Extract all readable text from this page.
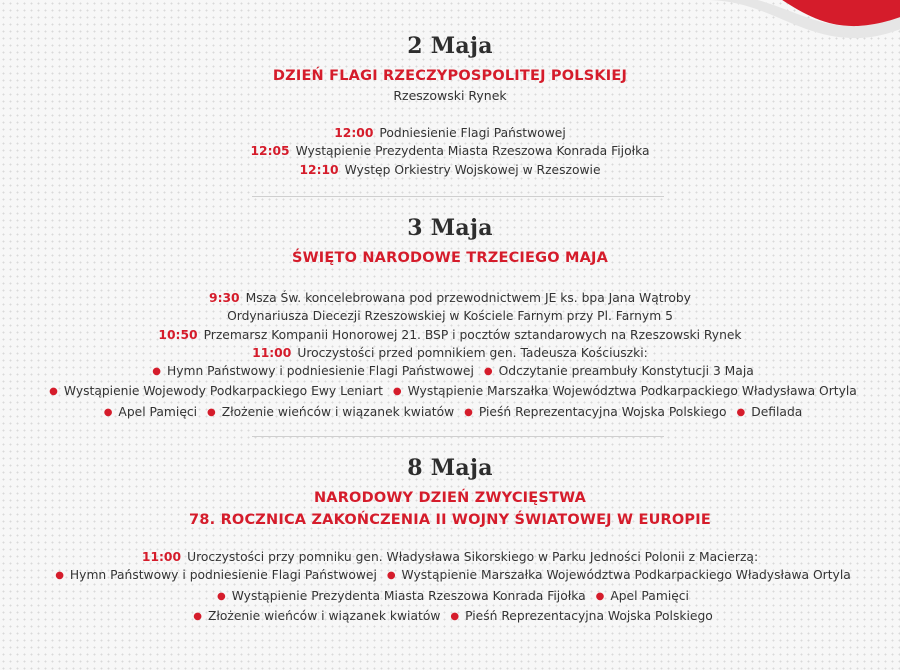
2 Maja
DZIEŃ FLAGI RZECZYPOSPOLITEJ POLSKIEJ
Rzeszowski Rynek
12:00 Podniesienie Flagi Państwowej
12:05 Wystąpienie Prezydenta Miasta Rzeszowa Konrada Fijołka
12:10 Występ Orkiestry Wojskowej w Rzeszowie
3 Maja
ŚWIĘTO NARODOWE TRZECIEGO MAJA
9:30 Msza Św. koncelebrowana pod przewodnictwem JE ks. bpa Jana Wątroby
Ordynariusza Diecezji Rzeszowskiej w Kościele Farnym przy Pl. Farnym 5
10:50 Przemarsz Kompanii Honorowej 21. BSP i pocztów sztandarowych na Rzeszowski Rynek
11:00 Uroczystości przed pomnikiem gen. Tadeusza Kościuszki:
● Hymn Państwowy i podniesienie Flagi Państwowej ● Odczytanie preambuły Konstytucji 3 Maja
● Wystąpienie Wojewody Podkarpackiego Ewy Leniart ● Wystąpienie Marszałka Województwa Podkarpackiego Władysława Ortyla
● Apel Pamięci ● Złożenie wieńców i wiązanek kwiatów ● Pieśń Reprezentacyjna Wojska Polskiego ● Defilada
8 Maja
NARODOWY DZIEŃ ZWYCIĘSTWA
78. ROCZNICA ZAKOŃCZENIA II WOJNY ŚWIATOWEJ W EUROPIE
11:00 Uroczystości przy pomniku gen. Władysława Sikorskiego w Parku Jedności Polonii z Macierzą:
● Hymn Państwowy i podniesienie Flagi Państwowej ● Wystąpienie Marszałka Województwa Podkarpackiego Władysława Ortyla
● Wystąpienie Prezydenta Miasta Rzeszowa Konrada Fijołka ● Apel Pamięci
● Złożenie wieńców i wiązanek kwiatów ● Pieśń Reprezentacyjna Wojska Polskiego
